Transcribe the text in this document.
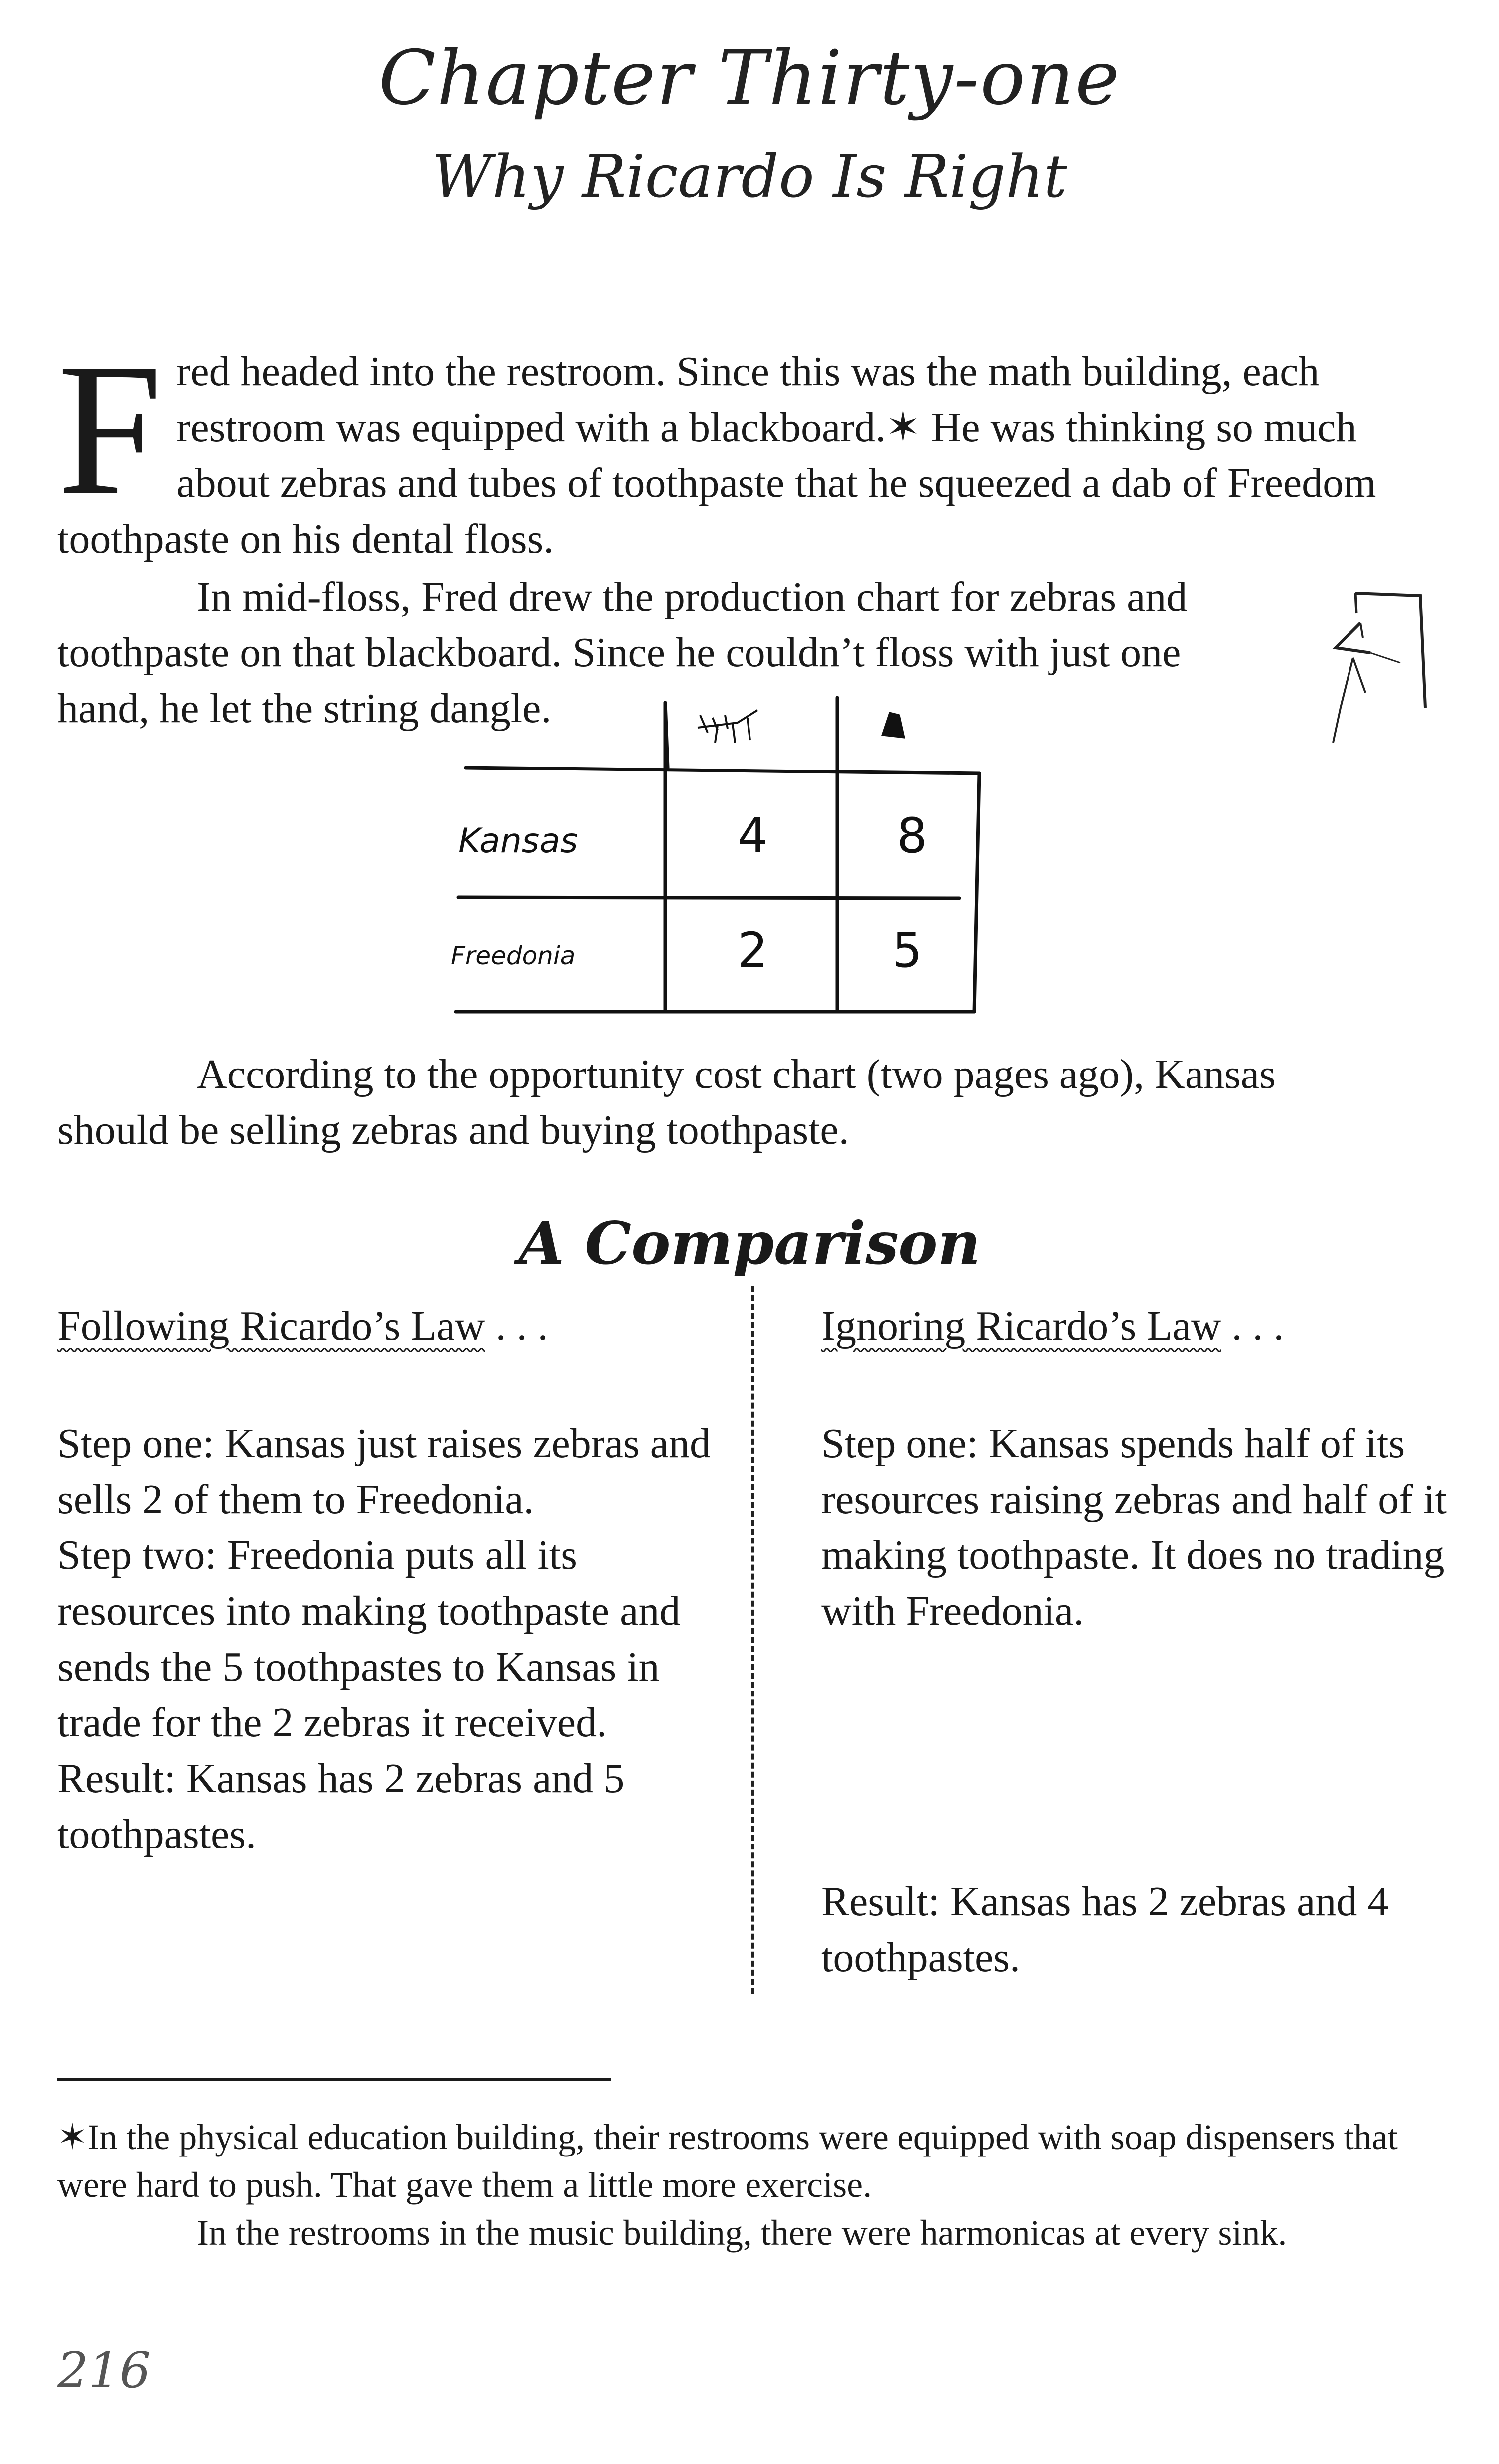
Chapter Thirty-one
Why Ricardo Is Right
F red headed into the restroom. Since this was the math building, each restroom was equipped with a blackboard.✶ He was thinking so much about zebras and tubes of toothpaste that he squeezed a dab of Freedom toothpaste on his dental floss.
In mid-floss, Fred drew the production chart for zebras and
toothpaste on that blackboard. Since he couldn’t floss with just one
hand, he let the string dangle.
Kansas
Freedonia
4	8
2	5
According to the opportunity cost chart (two pages ago), Kansas
should be selling zebras and buying toothpaste.
A Comparison
Following Ricardo’s Law . . .

Step one: Kansas just raises zebras and sells 2 of them to Freedonia.

Step two: Freedonia puts all its resources into making toothpaste and sends the 5 toothpastes to Kansas in trade for the 2 zebras it received.

Result: Kansas has 2 zebras and 5 toothpastes.

Ignoring Ricardo’s Law . . .

Step one: Kansas spends half of its resources raising zebras and half of it making toothpaste. It does no trading with Freedonia.

Result: Kansas has 2 zebras and 4 toothpastes.

✶In the physical education building, their restrooms were equipped with soap dispensers that were hard to push. That gave them a little more exercise.
In the restrooms in the music building, there were harmonicas at every sink.
216
